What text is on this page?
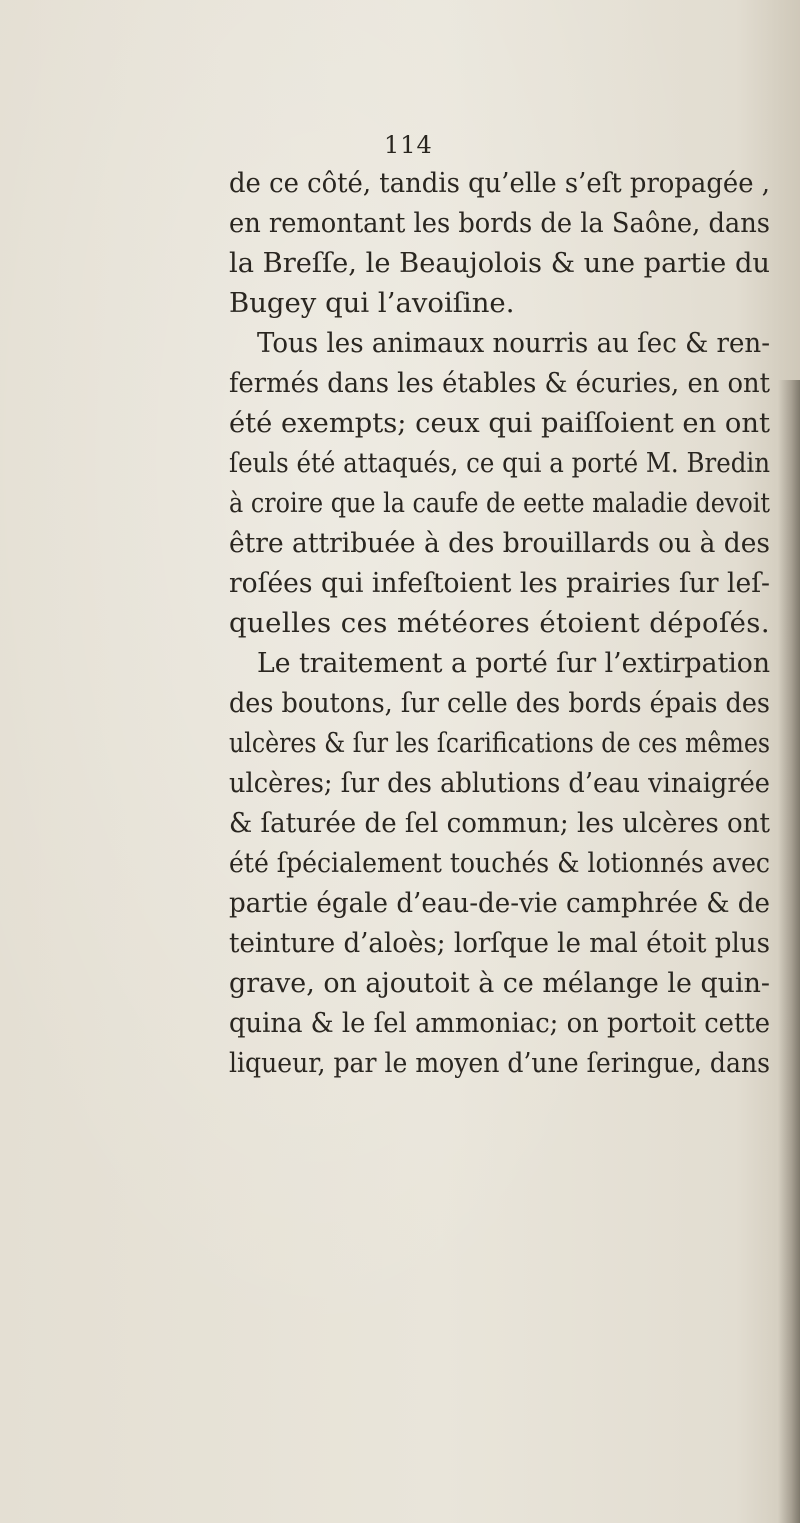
114
de ce côté, tandis qu’elle s’eſt propagée ,
en remontant les bords de la Saône, dans
la Breſſe, le Beaujolois & une partie du
Bugey qui l’avoiſine.
Tous les animaux nourris au ſec & ren-
fermés dans les étables & écuries, en ont
été exempts; ceux qui paiſſoient en ont
ſeuls été attaqués, ce qui a porté M. Bredin
à croire que la caufe de eette maladie devoit
être attribuée à des brouillards ou à des
roſées qui infeſtoient les prairies ſur leſ-
quelles ces météores étoient dépoſés.
Le traitement a porté ſur l’extirpation
des boutons, ſur celle des bords épais des
ulcères & ſur les ſcarifications de ces mêmes
ulcères; ſur des ablutions d’eau vinaigrée
& ſaturée de ſel commun; les ulcères ont
été ſpécialement touchés & lotionnés avec
partie égale d’eau-de-vie camphrée & de
teinture d’aloès; lorſque le mal étoit plus
grave, on ajoutoit à ce mélange le quin-
quina & le ſel ammoniac; on portoit cette
liqueur, par le moyen d’une ſeringue, dans
